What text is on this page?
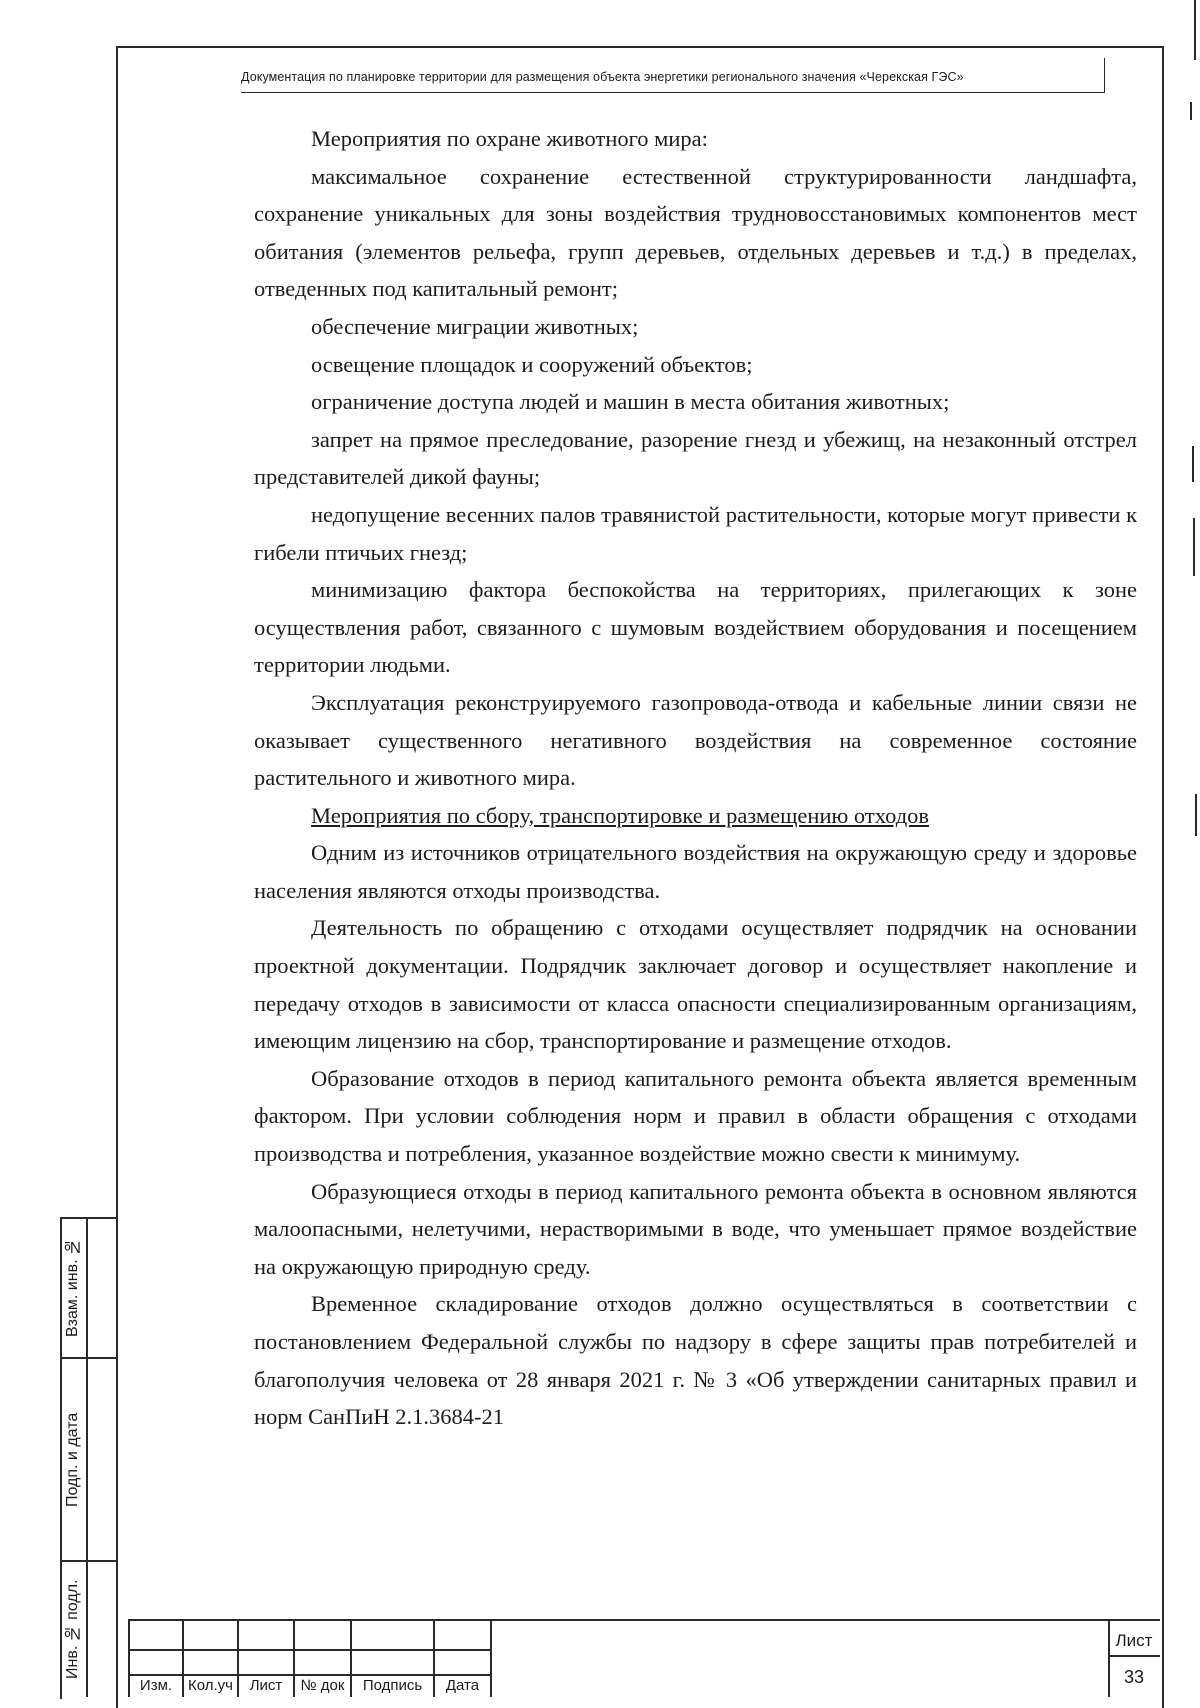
Документация по планировке территории для размещения объекта энергетики регионального значения «Черекская ГЭС»

Мероприятия по охране животного мира:

максимальное сохранение естественной структурированности ландшафта, сохранение уникальных для зоны воздействия трудновосстановимых компонентов мест обитания (элементов рельефа, групп деревьев, отдельных деревьев и т.д.) в пределах, отведенных под капитальный ремонт;

обеспечение миграции животных;

освещение площадок и сооружений объектов;

ограничение доступа людей и машин в места обитания животных;

запрет на прямое преследование, разорение гнезд и убежищ, на незаконный отстрел представителей дикой фауны;

недопущение весенних палов травянистой растительности, которые могут привести к гибели птичьих гнезд;

минимизацию фактора беспокойства на территориях, прилегающих к зоне осуществления работ, связанного с шумовым воздействием оборудования и посещением территории людьми.

Эксплуатация реконструируемого газопровода-отвода и кабельные линии связи не оказывает существенного негативного воздействия на современное состояние растительного и животного мира.

Мероприятия по сбору, транспортировке и размещению отходов

Одним из источников отрицательного воздействия на окружающую среду и здоровье населения являются отходы производства.

Деятельность по обращению с отходами осуществляет подрядчик на основании проектной документации. Подрядчик заключает договор и осуществляет накопление и передачу отходов в зависимости от класса опасности специализированным организациям, имеющим лицензию на сбор, транспортирование и размещение отходов.

Образование отходов в период капитального ремонта объекта является временным фактором. При условии соблюдения норм и правил в области обращения с отходами производства и потребления, указанное воздействие можно свести к минимуму.

Образующиеся отходы в период капитального ремонта объекта в основном являются малоопасными, нелетучими, нерастворимыми в воде, что уменьшает прямое воздействие на окружающую природную среду.

Временное складирование отходов должно осуществляться в соответствии с постановлением Федеральной службы по надзору в сфере защиты прав потребителей и благополучия человека от 28 января 2021 г. № 3 «Об утверждении санитарных правил и норм СанПиН 2.1.3684-21

Взам. инв. №
Подп. и дата
Инв. № подл.
Изм.	Кол.уч	Лист	№ док	Подпись	Дата
Лист
33
